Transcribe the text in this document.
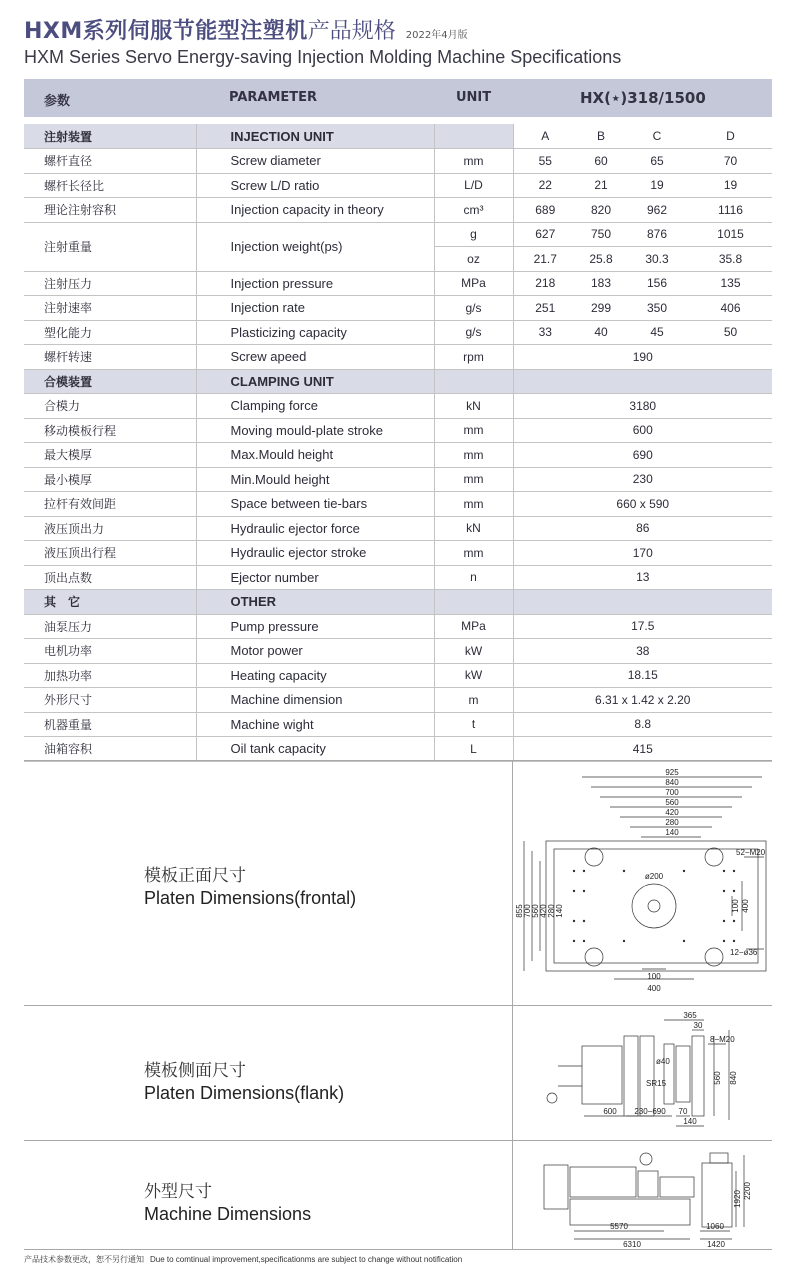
HXM系列伺服节能型注塑机产品规格 2022年4月版
HXM Series Servo Energy-saving Injection Molding Machine Specifications
参数	PARAMETER	UNIT	HX(⋆)318/1500
注射装置	INJECTION UNIT		A	B	C	D
螺杆直径	Screw diameter	mm	55	60	65	70
螺杆长径比	Screw L/D ratio	L/D	22	21	19	19
理论注射容积	Injection capacity in theory	cm³	689	820	962	1116
注射重量	Injection weight(ps)	g	627	750	876	1015
		oz	21.7	25.8	30.3	35.8
注射压力	Injection pressure	MPa	218	183	156	135
注射速率	Injection rate	g/s	251	299	350	406
塑化能力	Plasticizing capacity	g/s	33	40	45	50
螺杆转速	Screw apeed	rpm	190			
合模装置	CLAMPING UNIT					
合模力	Clamping force	kN	3180			
移动模板行程	Moving mould-plate stroke	mm	600			
最大模厚	Max.Mould height	mm	690			
最小模厚	Min.Mould height	mm	230			
拉杆有效间距	Space between tie-bars	mm	660 x 590			
液压顶出力	Hydraulic ejector force	kN	86			
液压顶出行程	Hydraulic ejector stroke	mm	170			
顶出点数	Ejector number	n	13			
其　它	OTHER					
油泵压力	Pump pressure	MPa	17.5			
电机功率	Motor power	kW	38			
加热功率	Heating capacity	kW	18.15			
外形尺寸	Machine dimension	m	6.31 x 1.42 x 2.20			
机器重量	Machine wight	t	8.8			
油箱容积	Oil tank capacity	L	415			
模板正面尺寸
Platen Dimensions(frontal)
925
840
700
560
420
280
140
855 700 560 420 280 140	100 400
100
400
52−M20
12−ø36
ø200
模板侧面尺寸
Platen Dimensions(flank)
365
30
8−M20
SR15
ø40
560 840
600 230−690 70
140
外型尺寸
Machine Dimensions
5570
6310
1920 2200
1060
1420
产品技术参数更改，恕不另行通知 Due to comtinual improvement,specificationms are subject to change without notification
